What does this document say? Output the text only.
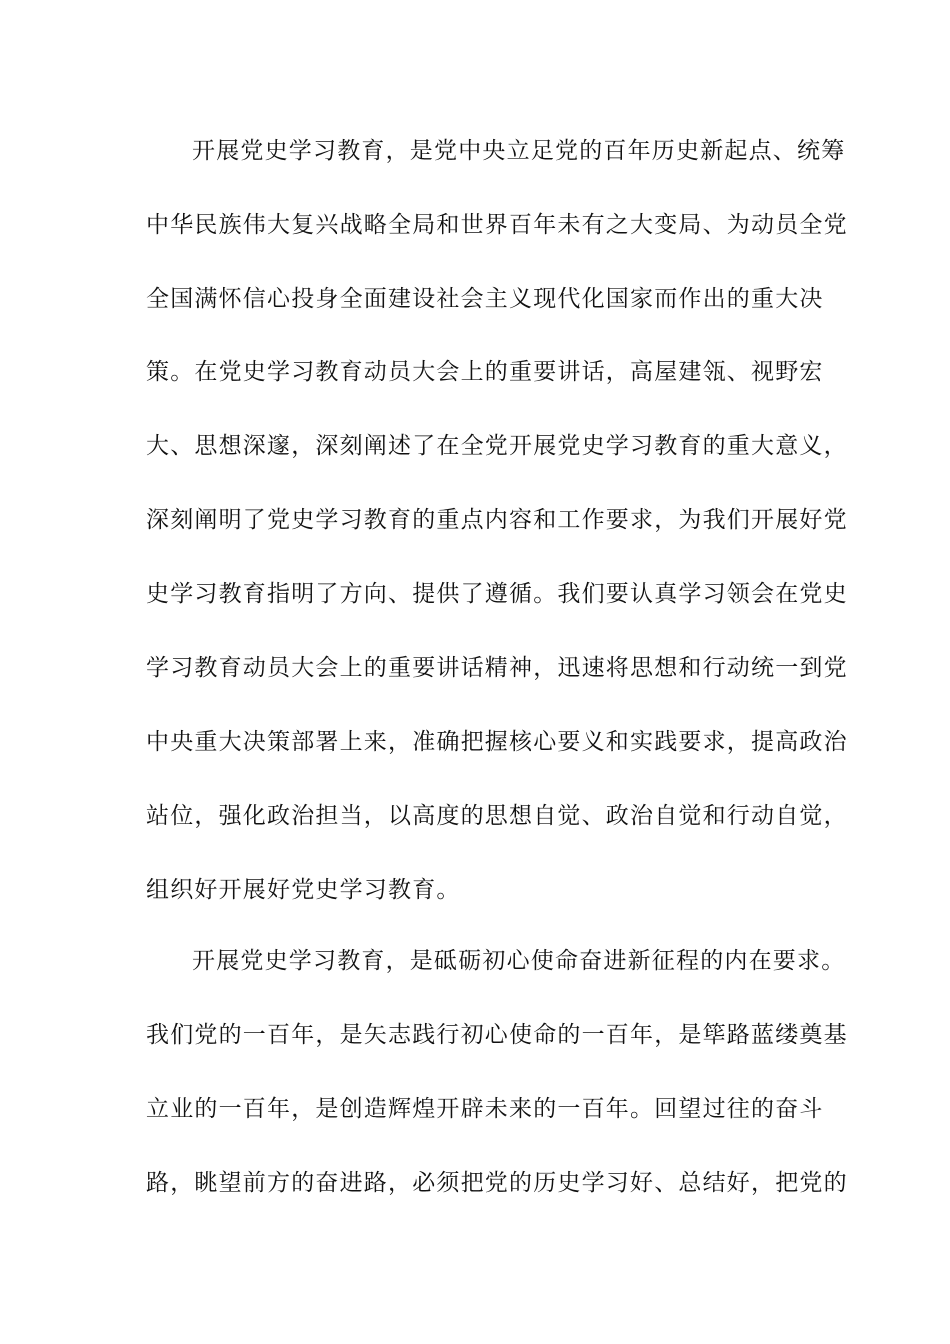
开展党史学习教育，是党中央立足党的百年历史新起点、统筹
中华民族伟大复兴战略全局和世界百年未有之大变局、为动员全党
全国满怀信心投身全面建设社会主义现代化国家而作出的重大决
策。在党史学习教育动员大会上的重要讲话，高屋建瓴、视野宏
大、思想深邃，深刻阐述了在全党开展党史学习教育的重大意义，
深刻阐明了党史学习教育的重点内容和工作要求，为我们开展好党
史学习教育指明了方向、提供了遵循。我们要认真学习领会在党史
学习教育动员大会上的重要讲话精神，迅速将思想和行动统一到党
中央重大决策部署上来，准确把握核心要义和实践要求，提高政治
站位，强化政治担当，以高度的思想自觉、政治自觉和行动自觉，
组织好开展好党史学习教育。
开展党史学习教育，是砥砺初心使命奋进新征程的内在要求。
我们党的一百年，是矢志践行初心使命的一百年，是筚路蓝缕奠基
立业的一百年，是创造辉煌开辟未来的一百年。回望过往的奋斗
路，眺望前方的奋进路，必须把党的历史学习好、总结好，把党的
